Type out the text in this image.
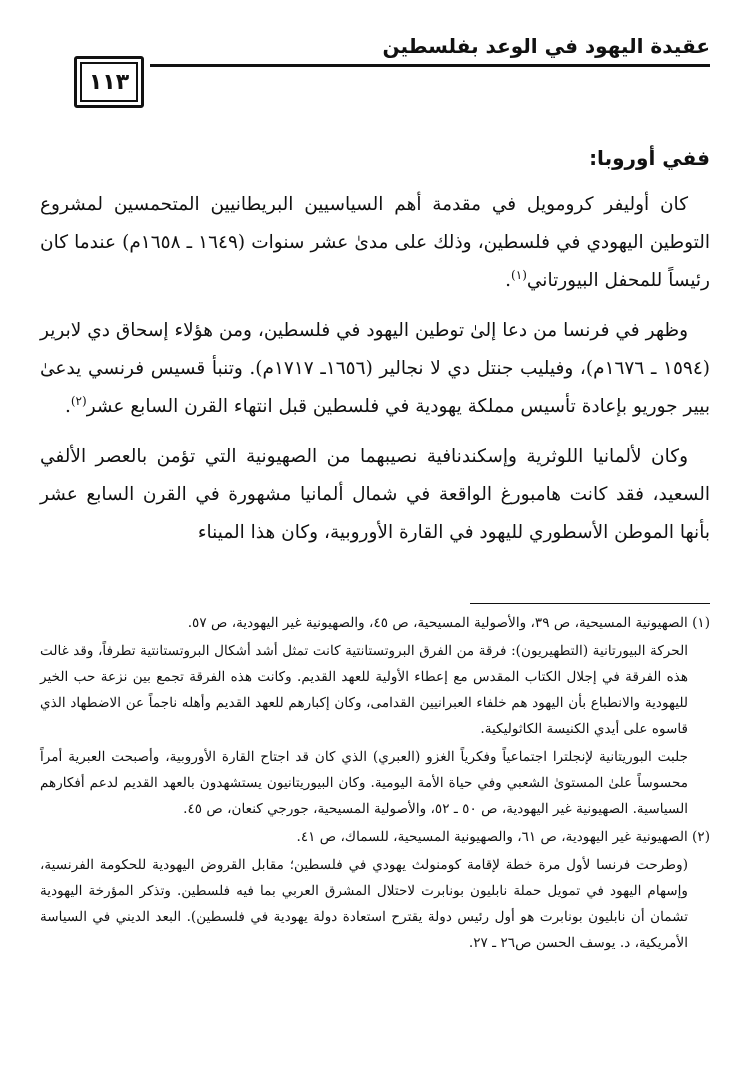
عقيدة اليهود في الوعد بفلسطين
١١٣
ففي أوروبا:

كان أوليفر كرومويل في مقدمة أهم السياسيين البريطانيين المتحمسين لمشروع التوطين اليهودي في فلسطين، وذلك على مدىٰ عشر سنوات (١٦٤٩ ـ ١٦٥٨م) عندما كان رئيساً للمحفل البيورتاني$^{(١)}$.

وظهر في فرنسا من دعا إلىٰ توطين اليهود في فلسطين، ومن هؤلاء إسحاق دي لابرير (١٥٩٤ ـ ١٦٧٦م)، وفيليب جنتل دي لا نجالير (١٦٥٦ـ ١٧١٧م). وتنبأ قسيس فرنسي يدعىٰ بيير جوريو بإعادة تأسيس مملكة يهودية في فلسطين قبل انتهاء القرن السابع عشر$^{(٢)}$.

وكان لألمانيا اللوثرية وإسكندنافية نصيبهما من الصهيونية التي تؤمن بالعصر الألفي السعيد، فقد كانت هامبورغ الواقعة في شمال ألمانيا مشهورة في القرن السابع عشر بأنها الموطن الأسطوري لليهود في القارة الأوروبية، وكان هذا الميناء

(١) الصهيونية المسيحية، ص ٣٩، والأصولية المسيحية، ص ٤٥، والصهيونية غير اليهودية، ص ٥٧.

الحركة البيورتانية (التطهيريون): فرقة من الفرق البروتستانتية كانت تمثل أشد أشكال البروتستانتية تطرفاً، وقد غالت هذه الفرقة في إجلال الكتاب المقدس مع إعطاء الأولية للعهد القديم. وكانت هذه الفرقة تجمع بين نزعة حب الخير لليهودية والانطباع بأن اليهود هم خلفاء العبرانيين القدامى، وكان إكبارهم للعهد القديم وأهله ناجماً عن الاضطهاد الذي قاسوه على أيدي الكنيسة الكاثوليكية.

جلبت البوريتانية لإنجلترا اجتماعياً وفكرياً الغزو (العبري) الذي كان قد اجتاح القارة الأوروبية، وأصبحت العبرية أمراً محسوساً علىٰ المستوىٰ الشعبي وفي حياة الأمة اليومية. وكان البيوريتانيون يستشهدون بالعهد القديم لدعم أفكارهم السياسية. الصهيونية غير اليهودية، ص ٥٠ ـ ٥٢، والأصولية المسيحية، جورجي كنعان، ص ٤٥.

(٢) الصهيونية غير اليهودية، ص ٦١، والصهيونية المسيحية، للسماك، ص ٤١.

(وطرحت فرنسا لأول مرة خطة لإقامة كومنولث يهودي في فلسطين؛ مقابل القروض اليهودية للحكومة الفرنسية، وإسهام اليهود في تمويل حملة نابليون بونابرت لاحتلال المشرق العربي بما فيه فلسطين. وتذكر المؤرخة اليهودية تشمان أن نابليون بونابرت هو أول رئيس دولة يقترح استعادة دولة يهودية في فلسطين). البعد الديني في السياسة الأمريكية، د. يوسف الحسن ص٢٦ ـ ٢٧.
